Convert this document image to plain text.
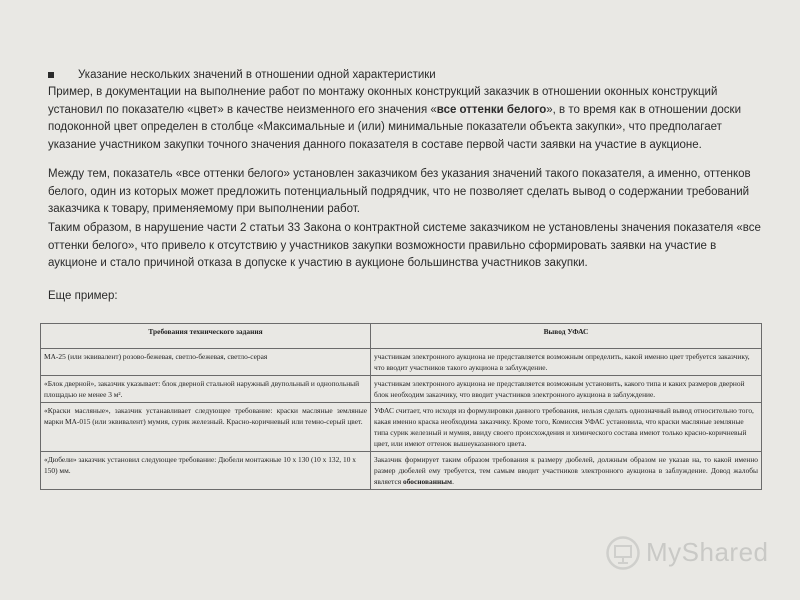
Указание нескольких значений в отношении одной характеристики
Пример, в документации на выполнение работ по монтажу оконных конструкций заказчик в отношении оконных конструкций установил по показателю «цвет» в качестве неизменного его значения «все оттенки белого», в то время как в отношении доски подоконной цвет определен в столбце «Максимальные и (или) минимальные показатели объекта закупки», что предполагает указание участником закупки точного значения данного показателя в составе первой части заявки на участие в аукционе.
Между тем, показатель «все оттенки белого» установлен заказчиком без указания значений такого показателя, а именно, оттенков белого, один из которых может предложить потенциальный подрядчик, что не позволяет сделать вывод о содержании требований заказчика к товару, применяемому при выполнении работ.
Таким образом, в нарушение части 2 статьи 33 Закона о контрактной системе заказчиком не установлены значения показателя «все оттенки белого», что привело к отсутствию у участников закупки возможности правильно сформировать заявки на участие в аукционе и стало причиной отказа в допуске к участию в аукционе большинства участников закупки.
Еще пример:
Требования технического задания	Вывод УФАС
МА-25 (или эквивалент) розово-бежевая, светло-бежевая, светло-серая	участникам электронного аукциона не представляется возможным определить, какой именно цвет требуется заказчику, что вводит участников такого аукциона в заблуждение.
«Блок дверной», заказчик указывает: блок дверной стальной наружный двупольный и однопольный площадью не менее 3 м².	участникам электронного аукциона не представляется возможным установить, какого типа и каких размеров дверной блок необходим заказчику, что вводит участников электронного аукциона в заблуждение.
«Краски масляные», заказчик устанавливает следующее требование: краски масляные земляные марки МА-015 (или эквивалент) мумия, сурик железный. Красно-коричневый или темно-серый цвет.	УФАС считает, что исходя из формулировки данного требования, нельзя сделать однозначный вывод относительно того, какая именно краска необходима заказчику. Кроме того, Комиссия УФАС установила, что краски масляные земляные типа сурик железный и мумия, ввиду своего происхождения и химического состава имеют только красно-коричневый цвет, или имеют оттенок вышеуказанного цвета.
«Дюбели» заказчик установил следующее требование: Дюбели монтажные 10 х 130 (10 х 132, 10 х 150) мм.	Заказчик формирует таким образом требования к размеру дюбелей, должным образом не указав на, то какой именно размер дюбелей ему требуется, тем самым вводит участников электронного аукциона в заблуждение. Довод жалобы является обоснованным.
MyShared
